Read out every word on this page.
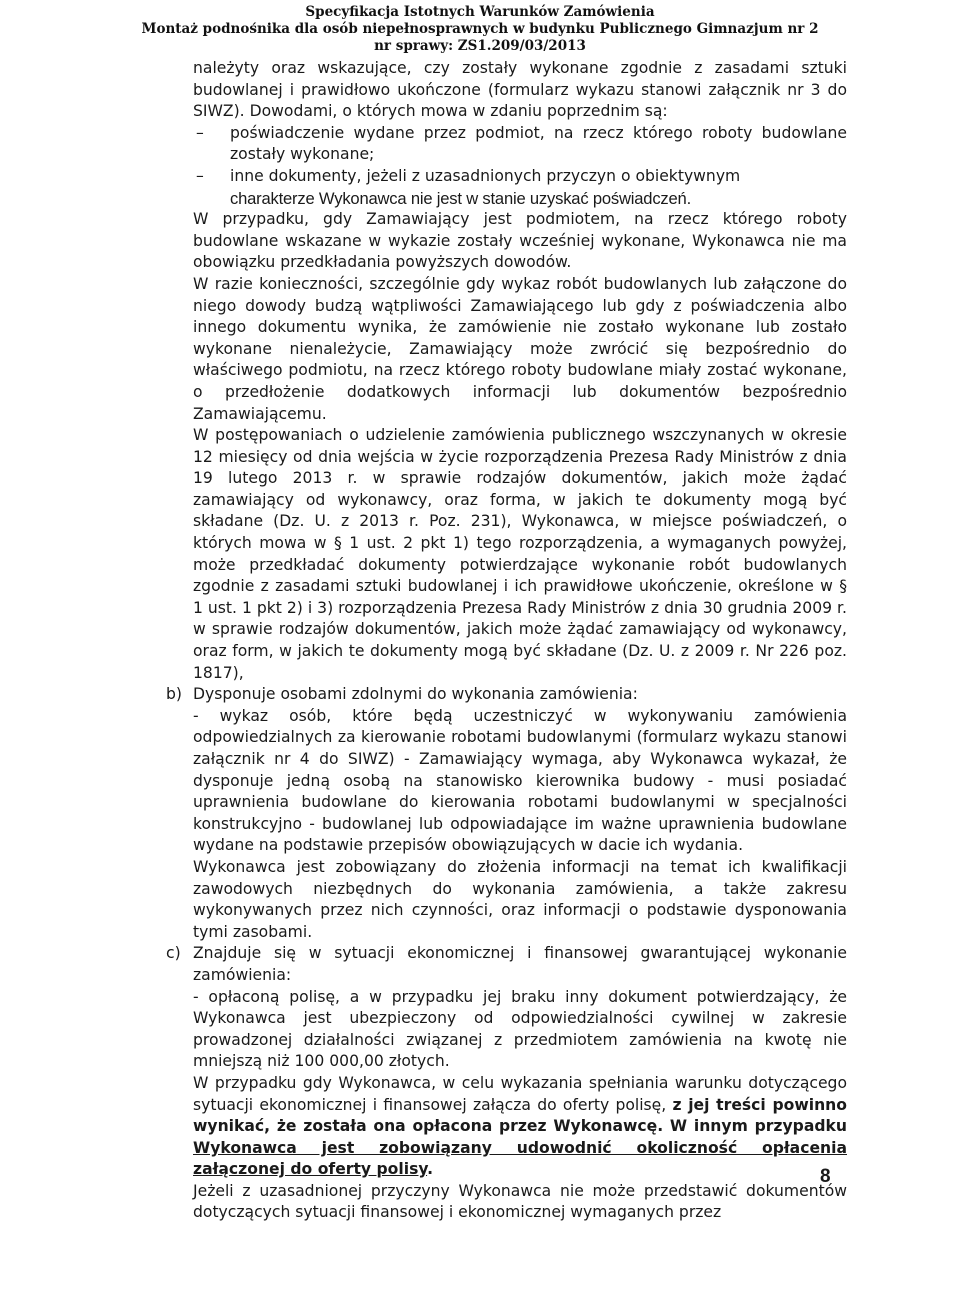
Specyfikacja Istotnych Warunków Zamówienia
Montaż podnośnika dla osób niepełnosprawnych w budynku Publicznego Gimnazjum nr 2
nr sprawy: ZS1.209/03/2013

należyty oraz wskazujące, czy zostały wykonane zgodnie z zasadami sztuki budowlanej i prawidłowo ukończone (formularz wykazu stanowi załącznik nr 3 do SIWZ). Dowodami, o których mowa w zdaniu poprzednim są:

– poświadczenie wydane przez podmiot, na rzecz którego roboty budowlane zostały wykonane;
– inne dokumenty, jeżeli z uzasadnionych przyczyn o obiektywnym

charakterze Wykonawca nie jest w stanie uzyskać poświadczeń.

W przypadku, gdy Zamawiający jest podmiotem, na rzecz którego roboty budowlane wskazane w wykazie zostały wcześniej wykonane, Wykonawca nie ma obowiązku przedkładania powyższych dowodów.

W razie konieczności, szczególnie gdy wykaz robót budowlanych lub załączone do niego dowody budzą wątpliwości Zamawiającego lub gdy z poświadczenia albo innego dokumentu wynika, że zamówienie nie zostało wykonane lub zostało wykonane nienależycie, Zamawiający może zwrócić się bezpośrednio do właściwego podmiotu, na rzecz którego roboty budowlane miały zostać wykonane, o przedłożenie dodatkowych informacji lub dokumentów bezpośrednio Zamawiającemu.

W postępowaniach o udzielenie zamówienia publicznego wszczynanych w okresie 12 miesięcy od dnia wejścia w życie rozporządzenia Prezesa Rady Ministrów z dnia 19 lutego 2013 r. w sprawie rodzajów dokumentów, jakich może żądać zamawiający od wykonawcy, oraz forma, w jakich te dokumenty mogą być składane (Dz. U. z 2013 r. Poz. 231), Wykonawca, w miejsce poświadczeń, o których mowa w § 1 ust. 2 pkt 1) tego rozporządzenia, a wymaganych powyżej, może przedkładać dokumenty potwierdzające wykonanie robót budowlanych zgodnie z zasadami sztuki budowlanej i ich prawidłowe ukończenie, określone w § 1 ust. 1 pkt 2) i 3) rozporządzenia Prezesa Rady Ministrów z dnia 30 grudnia 2009 r. w sprawie rodzajów dokumentów, jakich może żądać zamawiający od wykonawcy, oraz form, w jakich te dokumenty mogą być składane (Dz. U. z 2009 r. Nr 226 poz. 1817),

b) Dysponuje osobami zdolnymi do wykonania zamówienia:

- wykaz osób, które będą uczestniczyć w wykonywaniu zamówienia odpowiedzialnych za kierowanie robotami budowlanymi (formularz wykazu stanowi załącznik nr 4 do SIWZ) - Zamawiający wymaga, aby Wykonawca wykazał, że dysponuje jedną osobą na stanowisko kierownika budowy - musi posiadać uprawnienia budowlane do kierowania robotami budowlanymi w specjalności konstrukcyjno - budowlanej lub odpowiadające im ważne uprawnienia budowlane wydane na podstawie przepisów obowiązujących w dacie ich wydania.

Wykonawca jest zobowiązany do złożenia informacji na temat ich kwalifikacji zawodowych niezbędnych do wykonania zamówienia, a także zakresu wykonywanych przez nich czynności, oraz informacji o podstawie dysponowania tymi zasobami.

c) Znajduje się w sytuacji ekonomicznej i finansowej gwarantującej wykonanie zamówienia:

- opłaconą polisę, a w przypadku jej braku inny dokument potwierdzający, że Wykonawca jest ubezpieczony od odpowiedzialności cywilnej w zakresie prowadzonej działalności związanej z przedmiotem zamówienia na kwotę nie mniejszą niż 100 000,00 złotych.

W przypadku gdy Wykonawca, w celu wykazania spełniania warunku dotyczącego sytuacji ekonomicznej i finansowej załącza do oferty polisę, z jej treści powinno wynikać, że została ona opłacona przez Wykonawcę. W innym przypadku Wykonawca jest zobowiązany udowodnić okoliczność opłacenia załączonej do oferty polisy.

Jeżeli z uzasadnionej przyczyny Wykonawca nie może przedstawić dokumentów dotyczących sytuacji finansowej i ekonomicznej wymaganych przez

8
